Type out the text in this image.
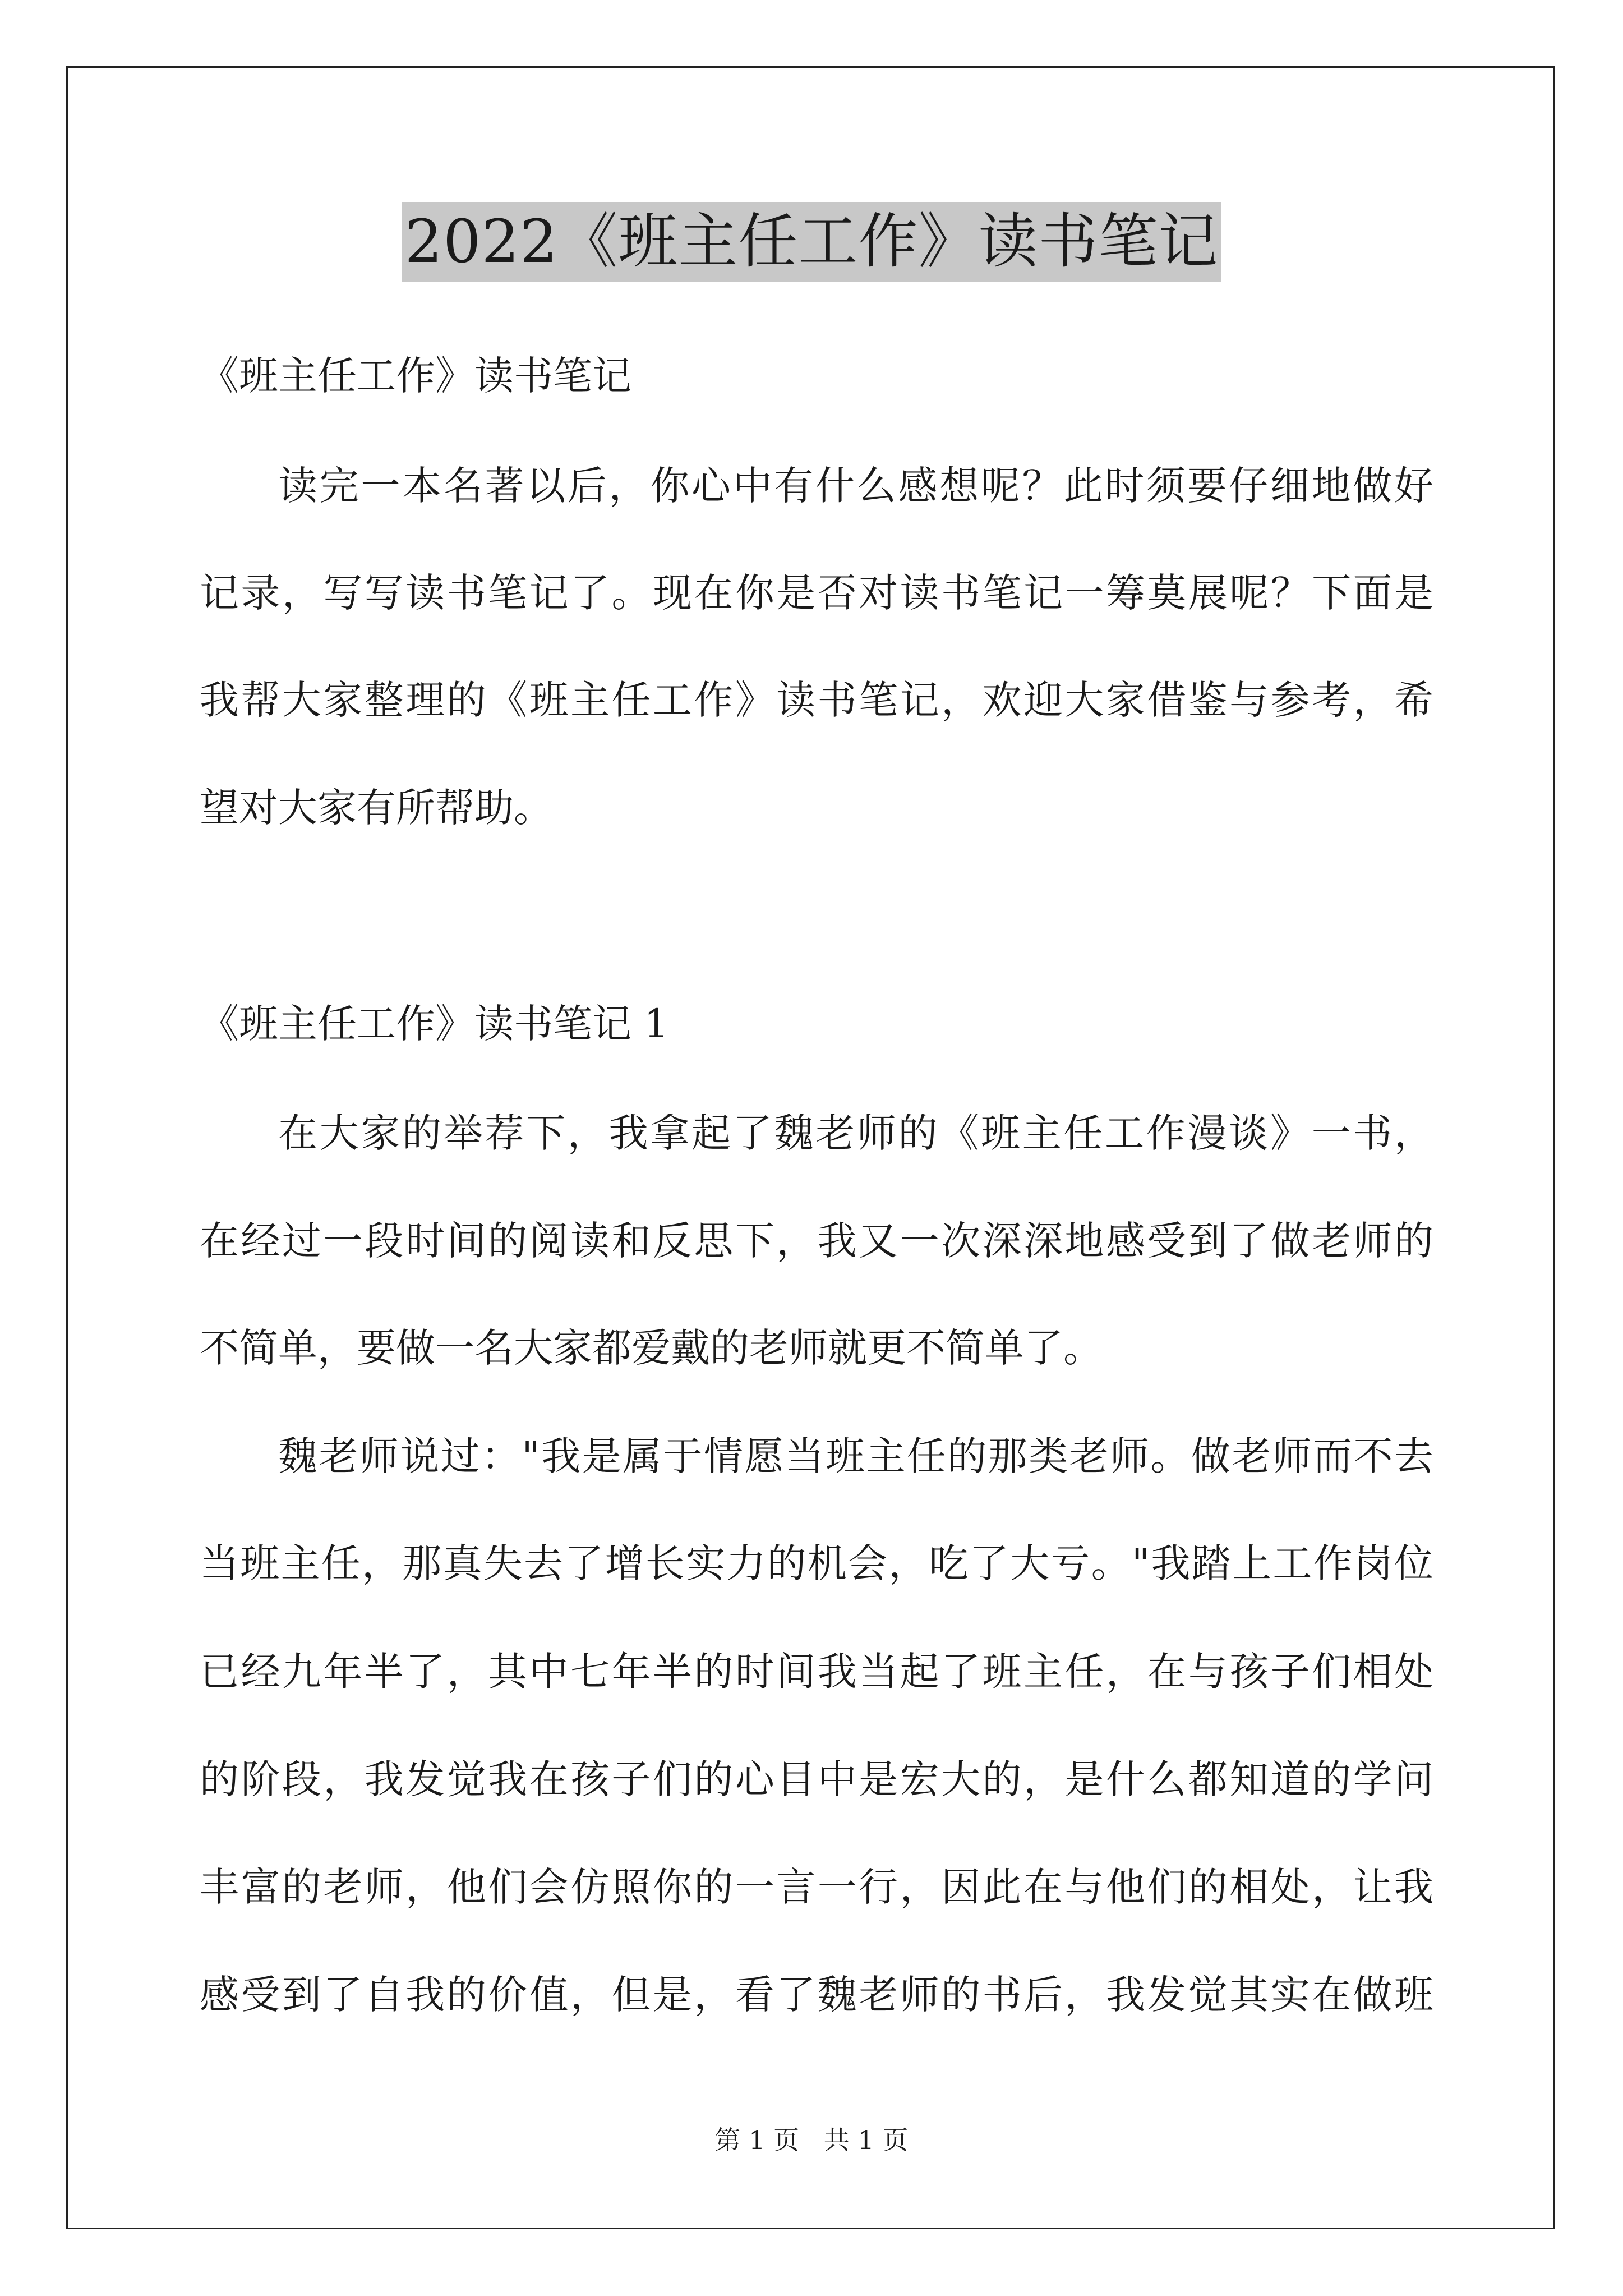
2022《班主任工作》读书笔记
《班主任工作》读书笔记
读完一本名著以后，你心中有什么感想呢？此时须要仔细地做好
记录，写写读书笔记了。现在你是否对读书笔记一筹莫展呢？下面是
我帮大家整理的《班主任工作》读书笔记，欢迎大家借鉴与参考，希
望对大家有所帮助。
《班主任工作》读书笔记 1
在大家的举荐下，我拿起了魏老师的《班主任工作漫谈》一书，
在经过一段时间的阅读和反思下，我又一次深深地感受到了做老师的
不简单，要做一名大家都爱戴的老师就更不简单了。
魏老师说过："我是属于情愿当班主任的那类老师。做老师而不去
当班主任，那真失去了增长实力的机会，吃了大亏。"我踏上工作岗位
已经九年半了，其中七年半的时间我当起了班主任，在与孩子们相处
的阶段，我发觉我在孩子们的心目中是宏大的，是什么都知道的学问
丰富的老师，他们会仿照你的一言一行，因此在与他们的相处，让我
感受到了自我的价值，但是，看了魏老师的书后，我发觉其实在做班
第 1 页   共 1 页
